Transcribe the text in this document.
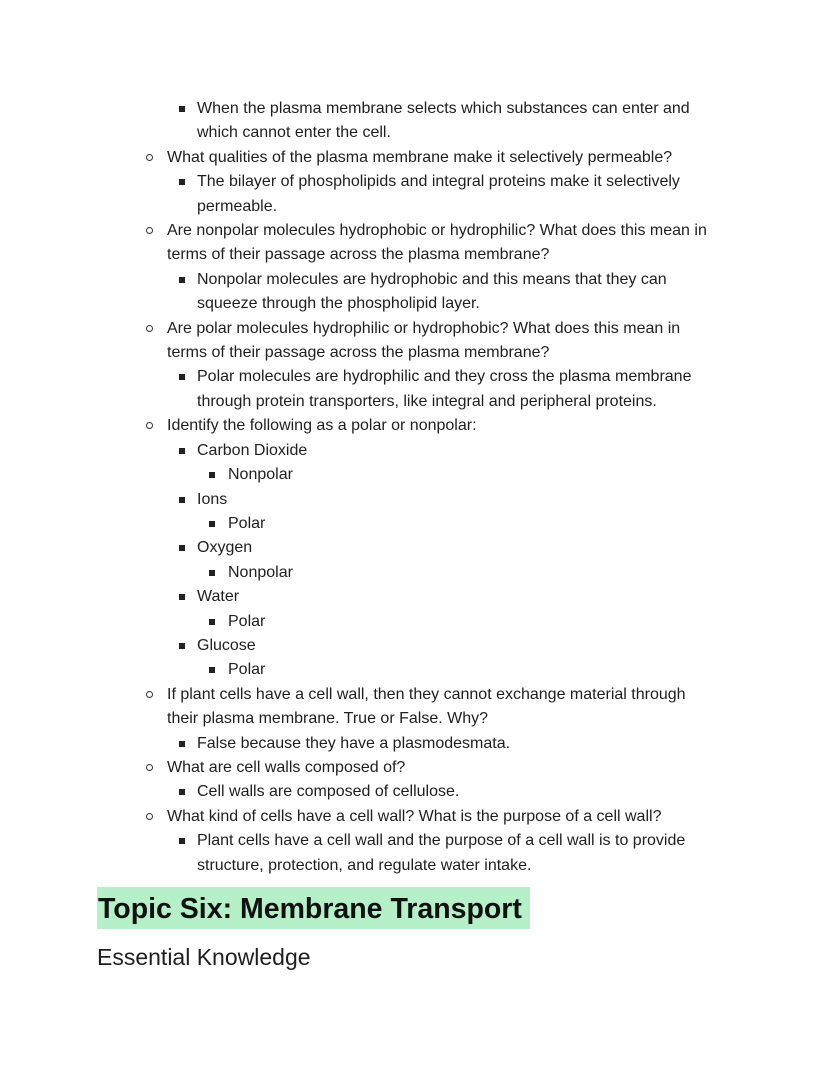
When the plasma membrane selects which substances can enter and
which cannot enter the cell.
What qualities of the plasma membrane make it selectively permeable?
The bilayer of phospholipids and integral proteins make it selectively
permeable.
Are nonpolar molecules hydrophobic or hydrophilic? What does this mean in
terms of their passage across the plasma membrane?
Nonpolar molecules are hydrophobic and this means that they can
squeeze through the phospholipid layer.
Are polar molecules hydrophilic or hydrophobic? What does this mean in
terms of their passage across the plasma membrane?
Polar molecules are hydrophilic and they cross the plasma membrane
through protein transporters, like integral and peripheral proteins.
Identify the following as a polar or nonpolar:
Carbon Dioxide
Nonpolar
Ions
Polar
Oxygen
Nonpolar
Water
Polar
Glucose
Polar
If plant cells have a cell wall, then they cannot exchange material through
their plasma membrane. True or False. Why?
False because they have a plasmodesmata.
What are cell walls composed of?
Cell walls are composed of cellulose.
What kind of cells have a cell wall? What is the purpose of a cell wall?
Plant cells have a cell wall and the purpose of a cell wall is to provide
structure, protection, and regulate water intake.
Topic Six: Membrane Transport
Essential Knowledge
